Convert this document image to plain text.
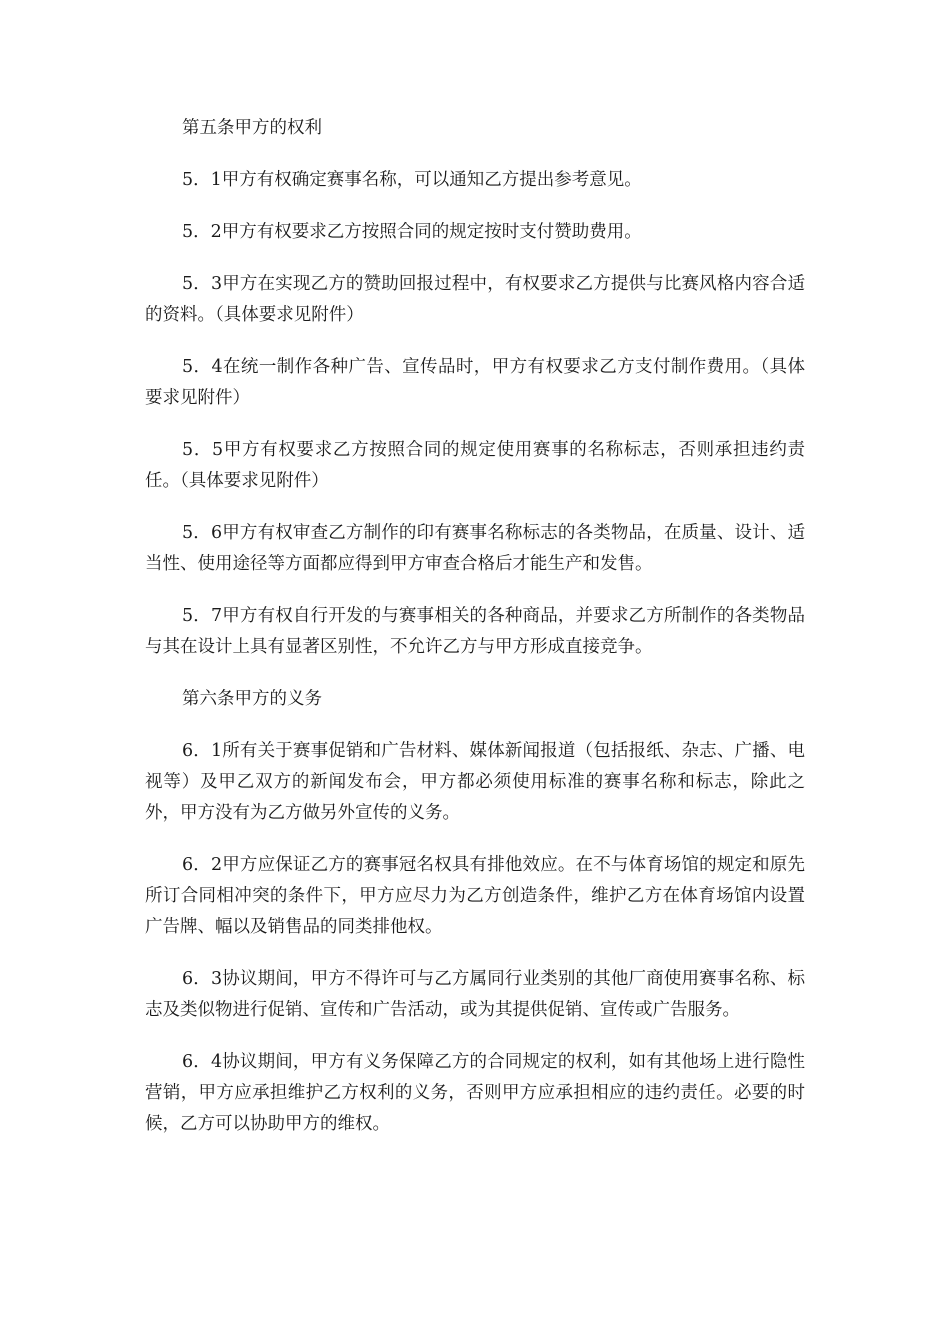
第五条甲方的权利

5．1甲方有权确定赛事名称，可以通知乙方提出参考意见。

5．2甲方有权要求乙方按照合同的规定按时支付赞助费用。

5．3甲方在实现乙方的赞助回报过程中，有权要求乙方提供与比赛风格内容合适的资料。（具体要求见附件）

5．4在统一制作各种广告、宣传品时，甲方有权要求乙方支付制作费用。（具体要求见附件）

5．5甲方有权要求乙方按照合同的规定使用赛事的名称标志，否则承担违约责任。（具体要求见附件）

5．6甲方有权审查乙方制作的印有赛事名称标志的各类物品，在质量、设计、适当性、使用途径等方面都应得到甲方审查合格后才能生产和发售。

5．7甲方有权自行开发的与赛事相关的各种商品，并要求乙方所制作的各类物品与其在设计上具有显著区别性，不允许乙方与甲方形成直接竞争。

第六条甲方的义务

6．1所有关于赛事促销和广告材料、媒体新闻报道（包括报纸、杂志、广播、电视等）及甲乙双方的新闻发布会，甲方都必须使用标准的赛事名称和标志，除此之外，甲方没有为乙方做另外宣传的义务。

6．2甲方应保证乙方的赛事冠名权具有排他效应。在不与体育场馆的规定和原先所订合同相冲突的条件下，甲方应尽力为乙方创造条件，维护乙方在体育场馆内设置广告牌、幅以及销售品的同类排他权。

6．3协议期间，甲方不得许可与乙方属同行业类别的其他厂商使用赛事名称、标志及类似物进行促销、宣传和广告活动，或为其提供促销、宣传或广告服务。

6．4协议期间，甲方有义务保障乙方的合同规定的权利，如有其他场上进行隐性营销，甲方应承担维护乙方权利的义务，否则甲方应承担相应的违约责任。必要的时候，乙方可以协助甲方的维权。
